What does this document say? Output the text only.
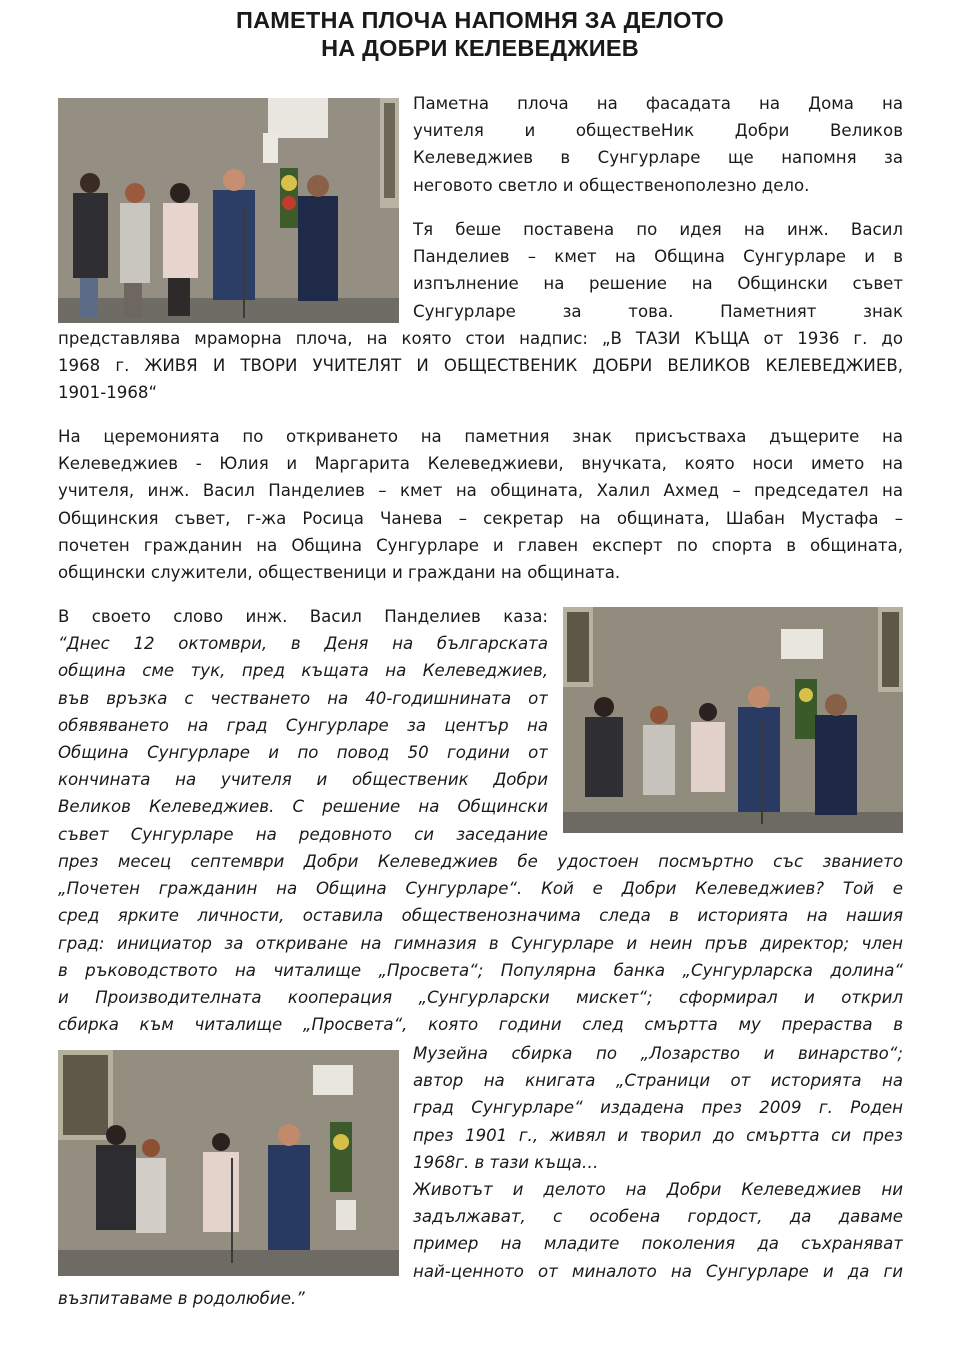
ПАМЕТНА ПЛОЧА НАПОМНЯ ЗА ДЕЛОТО
НА ДОБРИ КЕЛЕВЕДЖИЕВ
Паметна плоча на фасадата на Дома на
учителя и обществеНик Добри Великов
Келеведжиев в Сунгурларе ще напомня за
неговото светло и общественополезно дело.
Тя беше поставена по идея на инж. Васил
Панделиев – кмет на Община Сунгурларе и в
изпълнение на решение на Общински съвет
Сунгурларе за това. Паметният знак
представлява мраморна плоча, на която стои надпис: „В ТАЗИ КЪЩА от 1936 г. до
1968 г. ЖИВЯ И ТВОРИ УЧИТЕЛЯТ И ОБЩЕСТВЕНИК ДОБРИ ВЕЛИКОВ КЕЛЕВЕДЖИЕВ,
1901-1968“
На церемонията по откриването на паметния знак присъстваха дъщерите на
Келеведжиев - Юлия и Маргарита Келеведжиеви, внучката, която носи името на
учителя, инж. Васил Панделиев – кмет на общината, Халил Ахмед – председател на
Общинския съвет, г-жа Росица Чанева – секретар на общината, Шабан Мустафа –
почетен гражданин на Община Сунгурларе и главен експерт по спорта в общината,
общински служители, общественици и граждани на общината.
В своето слово инж. Васил Панделиев каза:
“Днес 12 октомври, в Деня на българската
община сме тук, пред къщата на Келеведжиев,
във връзка с честването на 40-годишнината от
обявяването на град Сунгурларе за център на
Община Сунгурларе и по повод 50 години от
кончината на учителя и общественик Добри
Великов Келеведжиев. С решение на Общински
съвет Сунгурларе на редовното си заседание
през месец септември Добри Келеведжиев бе удостоен посмъртно със званието
„Почетен гражданин на Община Сунгурларе“. Кой е Добри Келеведжиев? Той е
сред ярките личности, оставила общественозначима следа в историята на нашия
град: инициатор за откриване на гимназия в Сунгурларе и неин пръв директор; член
в ръководството на читалище „Просвета“; Популярна банка „Сунгурларска долина“
и Производителната кооперация „Сунгурларски мискет“; сформирал и открил
сбирка към читалище „Просвета“, която години след смъртта му прераства в
Музейна сбирка по „Лозарство и винарство“;
автор на книгата „Страници от историята на
град Сунгурларе“ издадена през 2009 г. Роден
през 1901 г., живял и творил до смъртта си през
1968г. в тази къща…
Животът и делото на Добри Келеведжиев ни
задължават, с особена гордост, да даваме
пример на младите поколения да съхраняват
най-ценното от миналото на Сунгурларе и да ги
възпитаваме в родолюбие.”
